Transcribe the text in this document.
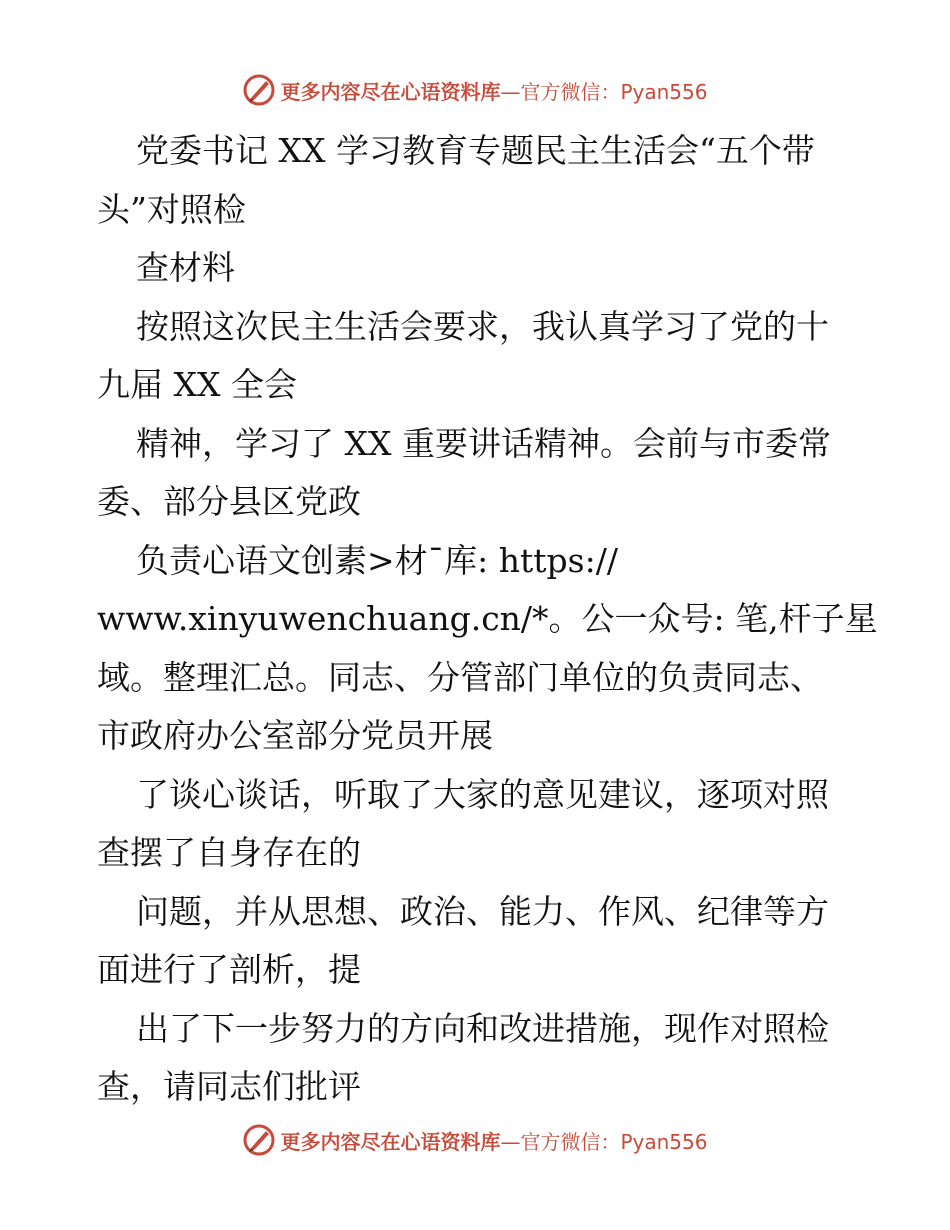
更多内容尽在心语资料库 —官方微信：Pyan556

党委书记 XX 学习教育专题民主生活会“五个带

头”对照检

查材料

按照这次民主生活会要求，我认真学习了党的十

九届 XX 全会

精神，学习了 XX 重要讲话精神。会前与市委常

委、部分县区党政

负责心语文创素>材¯库: https://

www.xinyuwenchuang.cn/*。公一众号: 笔,杆子星

域。整理汇总。同志、分管部门单位的负责同志、

市政府办公室部分党员开展

了谈心谈话，听取了大家的意见建议，逐项对照

查摆了自身存在的

问题，并从思想、政治、能力、作风、纪律等方

面进行了剖析，提

出了下一步努力的方向和改进措施，现作对照检

查，请同志们批评

更多内容尽在心语资料库 —官方微信：Pyan556
